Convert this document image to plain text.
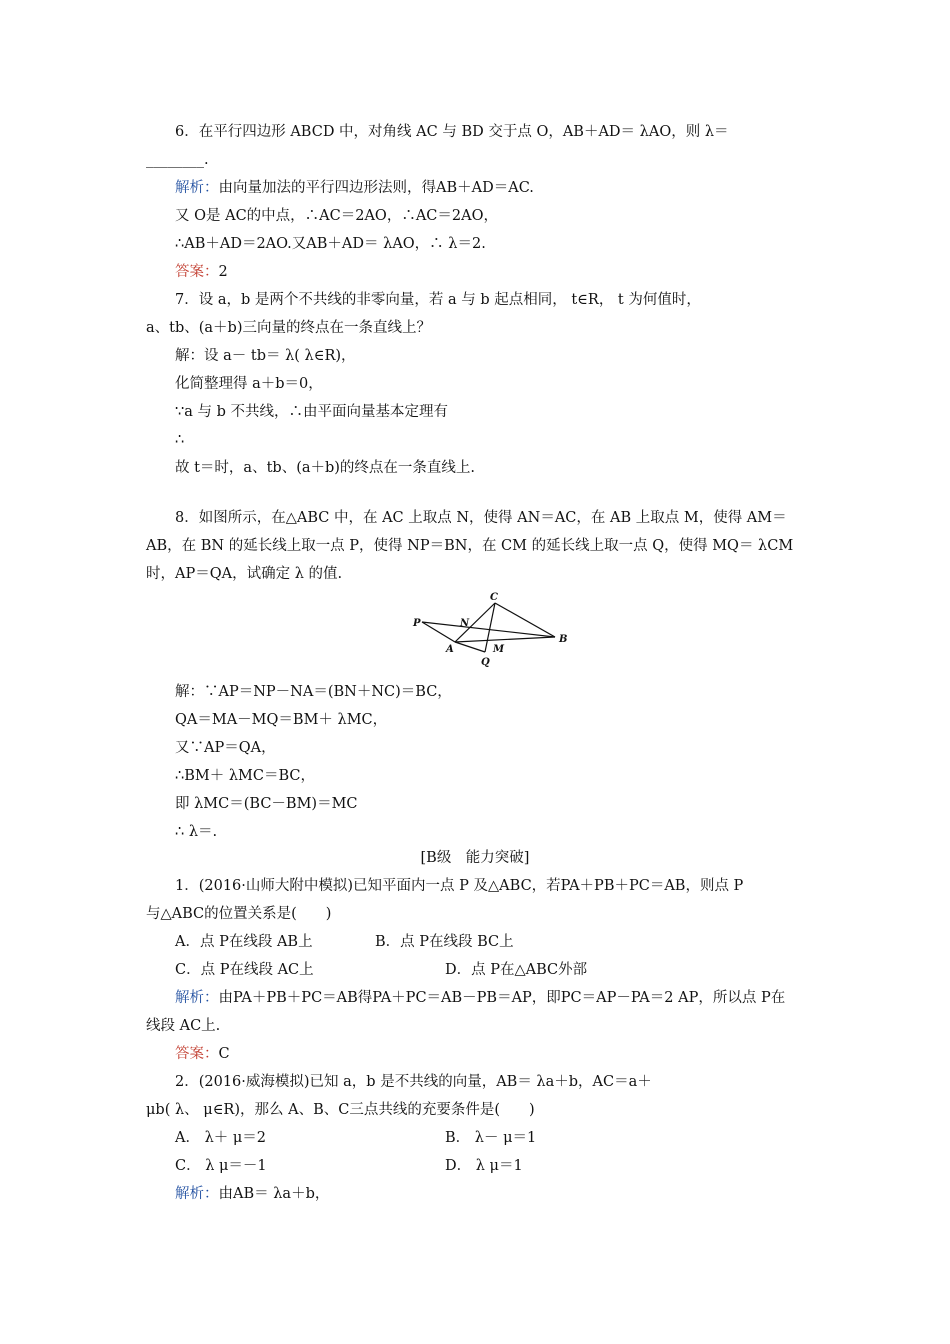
6．在平行四边形 ABCD 中，对角线 AC 与 BD 交于点 O，AB＋AD＝ λAO，则 λ＝
________.
解析：由向量加法的平行四边形法则，得AB＋AD＝AC.
又 O是 AC的中点，∴AC＝2AO，∴AC＝2AO，
∴AB＋AD＝2AO.又AB＋AD＝ λAO，∴ λ＝2.
答案：2
7．设 a，b 是两个不共线的非零向量，若 a 与 b 起点相同， t∈R， t 为何值时，
a、tb、(a＋b)三向量的终点在一条直线上？
解：设 a－ tb＝ λ( λ∈R)，
化简整理得 a＋b＝0，
∵a 与 b 不共线，∴由平面向量基本定理有
∴
故 t＝时，a、tb、(a＋b)的终点在一条直线上.
8．如图所示，在△ABC 中，在 AC 上取点 N，使得 AN＝AC，在 AB 上取点 M，使得 AM＝
AB，在 BN 的延长线上取一点 P，使得 NP＝BN，在 CM 的延长线上取一点 Q，使得 MQ＝ λCM
时，AP＝QA，试确定 λ 的值.
C
P	N
B
A	M
Q
解：∵AP＝NP－NA＝(BN＋NC)＝BC，
QA＝MA－MQ＝BM＋ λMC，
又∵AP＝QA，
∴BM＋ λMC＝BC，
即 λMC＝(BC－BM)＝MC
∴ λ＝.
[B级　能力突破]
1．(2016·山师大附中模拟)已知平面内一点 P 及△ABC，若PA＋PB＋PC＝AB，则点 P
与△ABC的位置关系是(　　)
A．点 P在线段 AB上	B．点 P在线段 BC上
C．点 P在线段 AC上	D．点 P在△ABC外部
解析：由PA＋PB＋PC＝AB得PA＋PC＝AB－PB＝AP，即PC＝AP－PA＝2 AP，所以点 P在
线段 AC上.
答案：C
2．(2016·威海模拟)已知 a，b 是不共线的向量，AB＝ λa＋b，AC＝a＋
μb( λ、 μ∈R)，那么 A、B、C三点共线的充要条件是(　　)
A． λ＋ μ＝2	B． λ－ μ＝1
C． λ μ＝－1	D． λ μ＝1
解析：由AB＝ λa＋b，
